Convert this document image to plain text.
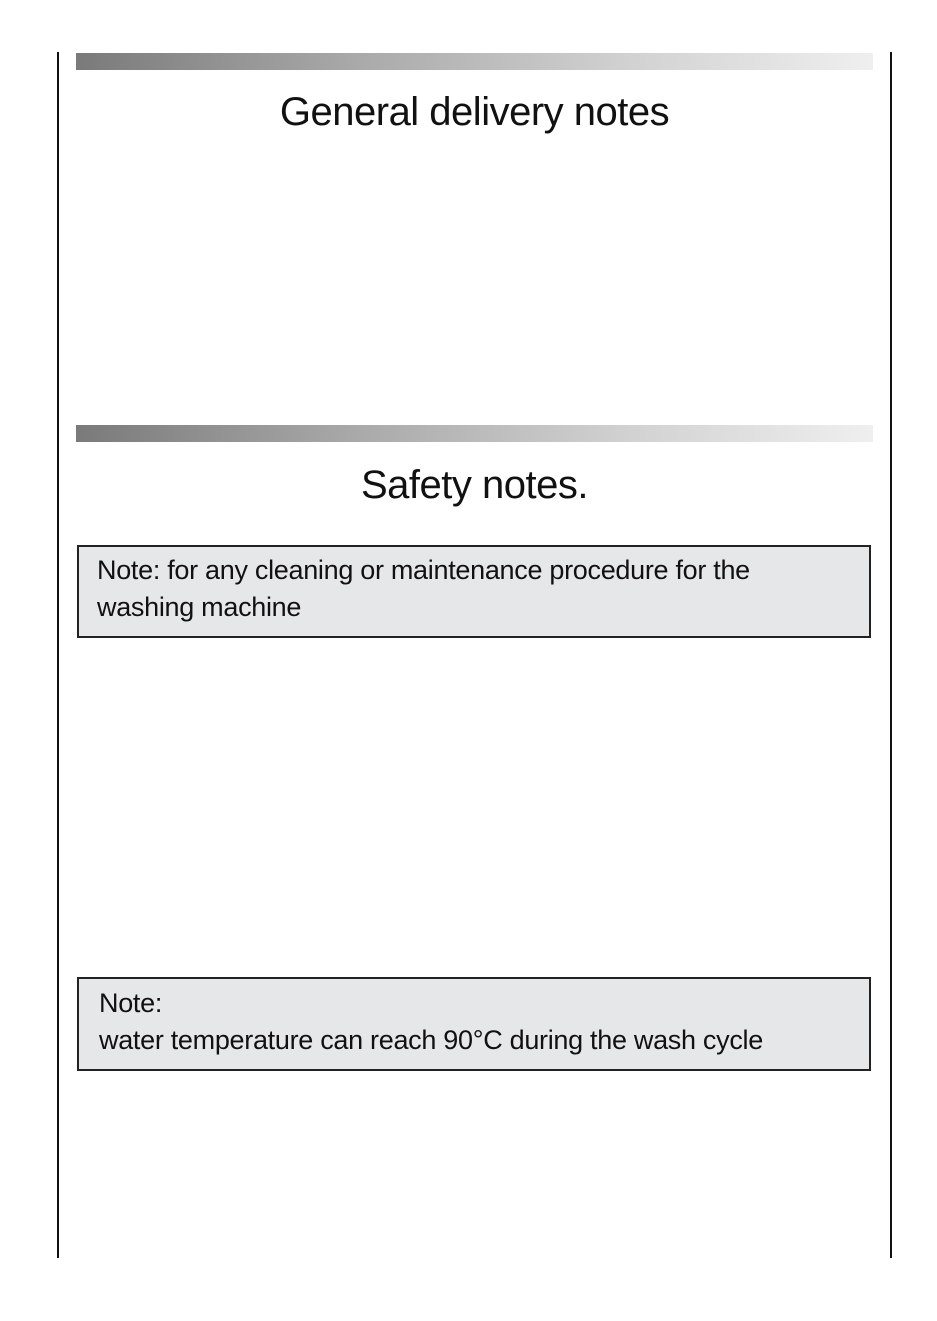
General delivery notes
Safety notes.
Note: for any cleaning or maintenance procedure for the
washing machine
Note:
water temperature can reach 90°C during the wash cycle
